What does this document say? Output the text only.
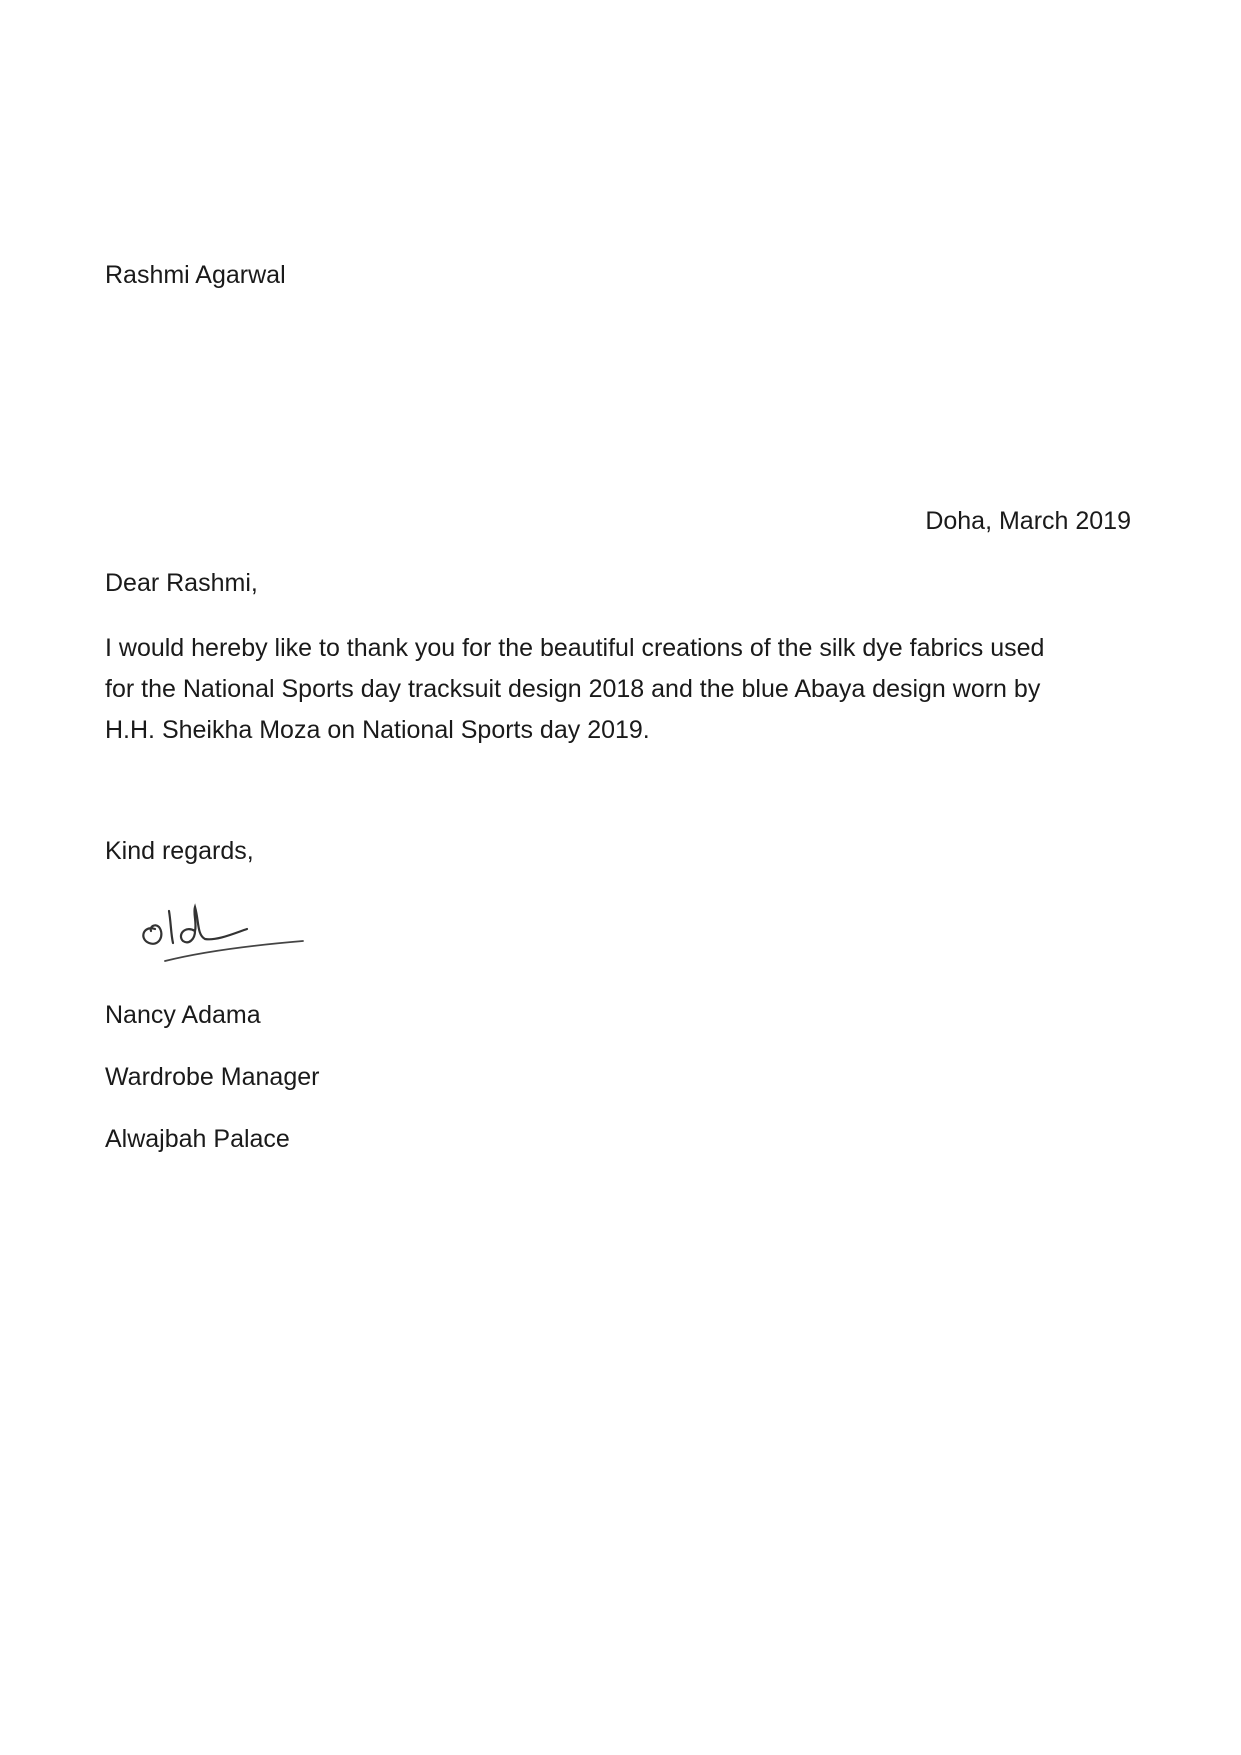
Rashmi Agarwal
Doha, March 2019
Dear Rashmi,
I would hereby like to thank you for the beautiful creations of the silk dye fabrics used
for the National Sports day tracksuit design 2018 and the blue Abaya design worn by
H.H. Sheikha Moza on National Sports day 2019.
Kind regards,
Nancy Adama
Wardrobe Manager
Alwajbah Palace
